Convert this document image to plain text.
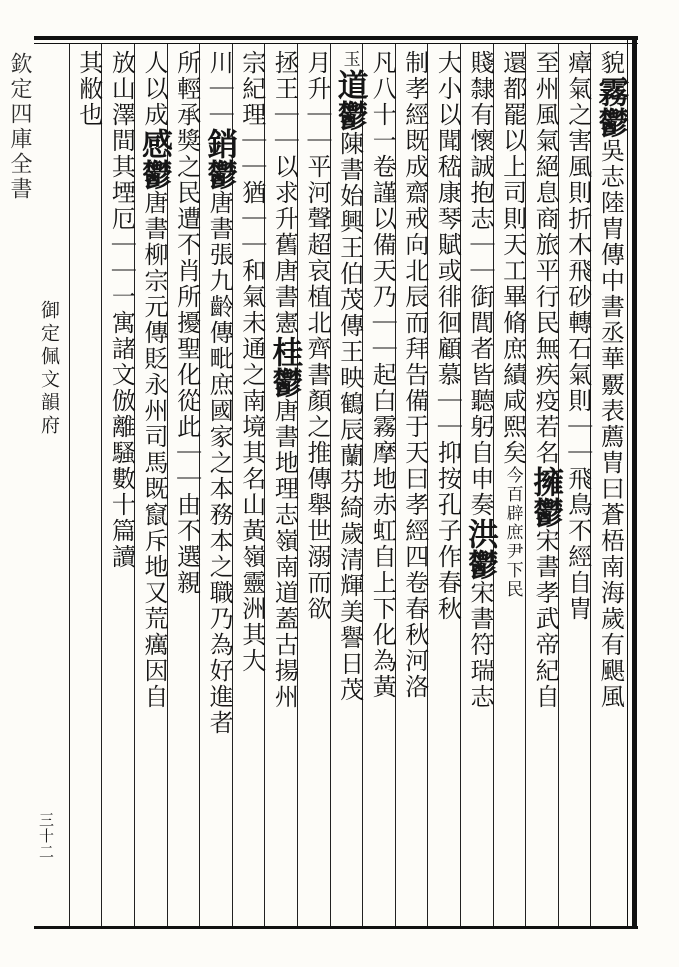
貌霧鬱吳志陸胄傳中書丞華覈表薦胄曰蒼梧南海歲有颶風
瘴氣之害風則折木飛砂轉石氣則｜｜飛鳥不經自胄
至州風氣絕息商旅平行民無疾疫若名擁鬱宋書孝武帝紀自
還都罷以上司則天工畢脩庶績咸熙矣今百辟庶尹下民
賤隸有懷誠抱志｜｜衘閭者皆聽躬自申奏洪鬱宋書符瑞志
大小以聞嵇康琴賦或徘徊顧慕｜｜抑按孔子作春秋
制孝經既成齋戒向北辰而拜告備于天曰孝經四卷春秋河洛
凡八十一卷謹以備天乃｜｜起白霧摩地赤虹自上下化為黃
玉道鬱陳書始興王伯茂傳王映鶴辰蘭芬綺歲清輝美譽日茂
月升｜｜平河聲超哀植北齊書顏之推傳舉世溺而欲
拯王｜｜以求升舊唐書憲桂鬱唐書地理志嶺南道蓋古揚州
宗紀理｜｜猶｜｜和氣未通之南境其名山黃嶺靈洲其大
川｜｜銷鬱唐書張九齡傳毗庶國家之本務本之職乃為好進者
所輕承獎之民遭不肖所擾聖化從此｜｜由不選親
人以成感鬱唐書柳宗元傳貶永州司馬既竄斥地又荒癘因自
放山澤間其堙厄｜｜一寓諸文倣離騷數十篇讀
其敝也
欽定四庫全書
御定佩文韻府
三十二
